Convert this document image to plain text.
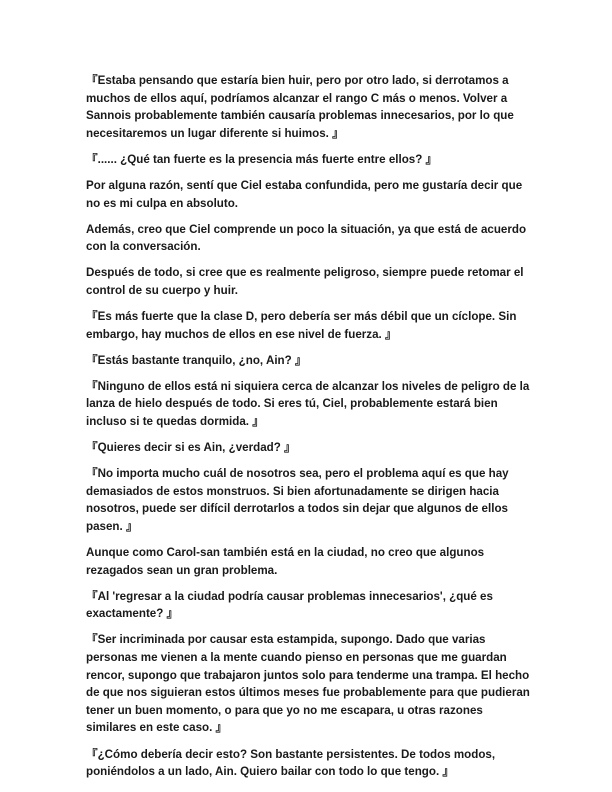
『Estaba pensando que estaría bien huir, pero por otro lado, si derrotamos a muchos de ellos aquí, podríamos alcanzar el rango C más o menos. Volver a Sannois probablemente también causaría problemas innecesarios, por lo que necesitaremos un lugar diferente si huimos. 』

『...... ¿Qué tan fuerte es la presencia más fuerte entre ellos? 』

Por alguna razón, sentí que Ciel estaba confundida, pero me gustaría decir que no es mi culpa en absoluto.

Además, creo que Ciel comprende un poco la situación, ya que está de acuerdo con la conversación.

Después de todo, si cree que es realmente peligroso, siempre puede retomar el control de su cuerpo y huir.

『Es más fuerte que la clase D, pero debería ser más débil que un cíclope. Sin embargo, hay muchos de ellos en ese nivel de fuerza. 』

『Estás bastante tranquilo, ¿no, Ain? 』

『Ninguno de ellos está ni siquiera cerca de alcanzar los niveles de peligro de la lanza de hielo después de todo. Si eres tú, Ciel, probablemente estará bien incluso si te quedas dormida. 』

『Quieres decir si es Ain, ¿verdad? 』

『No importa mucho cuál de nosotros sea, pero el problema aquí es que hay demasiados de estos monstruos. Si bien afortunadamente se dirigen hacia nosotros, puede ser difícil derrotarlos a todos sin dejar que algunos de ellos pasen. 』

Aunque como Carol-san también está en la ciudad, no creo que algunos rezagados sean un gran problema.

『Al 'regresar a la ciudad podría causar problemas innecesarios', ¿qué es exactamente? 』

『Ser incriminada por causar esta estampida, supongo. Dado que varias personas me vienen a la mente cuando pienso en personas que me guardan rencor, supongo que trabajaron juntos solo para tenderme una trampa. El hecho de que nos siguieran estos últimos meses fue probablemente para que pudieran tener un buen momento, o para que yo no me escapara, u otras razones similares en este caso. 』

『¿Cómo debería decir esto? Son bastante persistentes. De todos modos, poniéndolos a un lado, Ain. Quiero bailar con todo lo que tengo. 』
